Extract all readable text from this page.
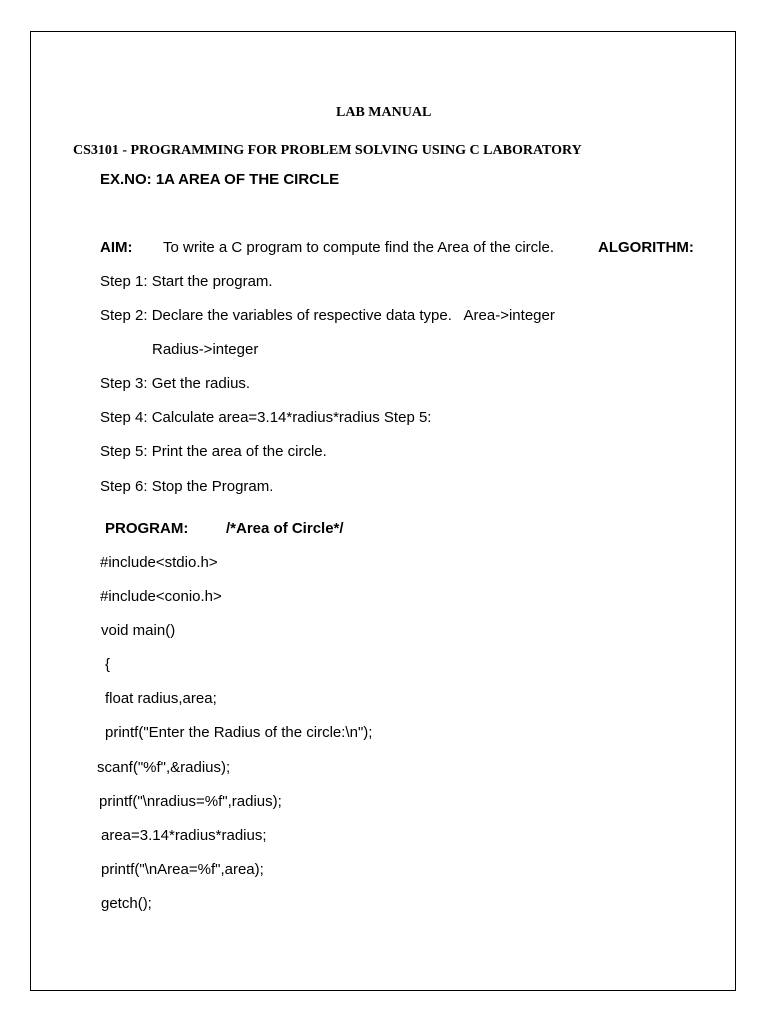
LAB MANUAL
CS3101 - PROGRAMMING FOR PROBLEM SOLVING USING C LABORATORY
EX.NO: 1A AREA OF THE CIRCLE
AIM: To write a C program to compute find the Area of the circle.	ALGORITHM:
Step 1: Start the program.
Step 2: Declare the variables of respective data type.   Area->integer
Radius->integer
Step 3: Get the radius.
Step 4: Calculate area=3.14*radius*radius Step 5:
Step 5: Print the area of the circle.
Step 6: Stop the Program.
PROGRAM:	/*Area of Circle*/
#include<stdio.h>
#include<conio.h>
void main()
{
float radius,area;
printf("Enter the Radius of the circle:\n");
scanf("%f",&radius);
printf("\nradius=%f",radius);
area=3.14*radius*radius;
printf("\nArea=%f",area);
getch();
